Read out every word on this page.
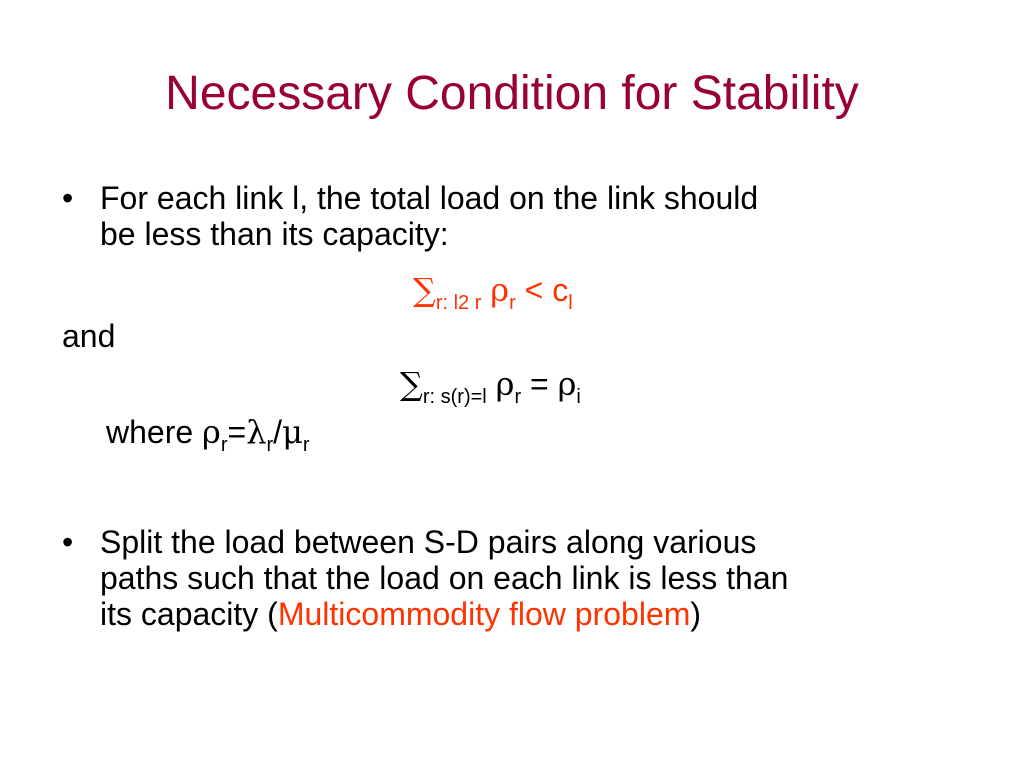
Necessary Condition for Stability
• For each link l, the total load on the link should
be less than its capacity:
$\sum_{r: l2 r}$ $\rho_r < c_l$
and
$\sum_{r: s(r)=l}$ $\rho_r = \rho_i$
where $\rho_r=\lambda_r/\mu_r$
• Split the load between S-D pairs along various
paths such that the load on each link is less than
its capacity (Multicommodity flow problem)
